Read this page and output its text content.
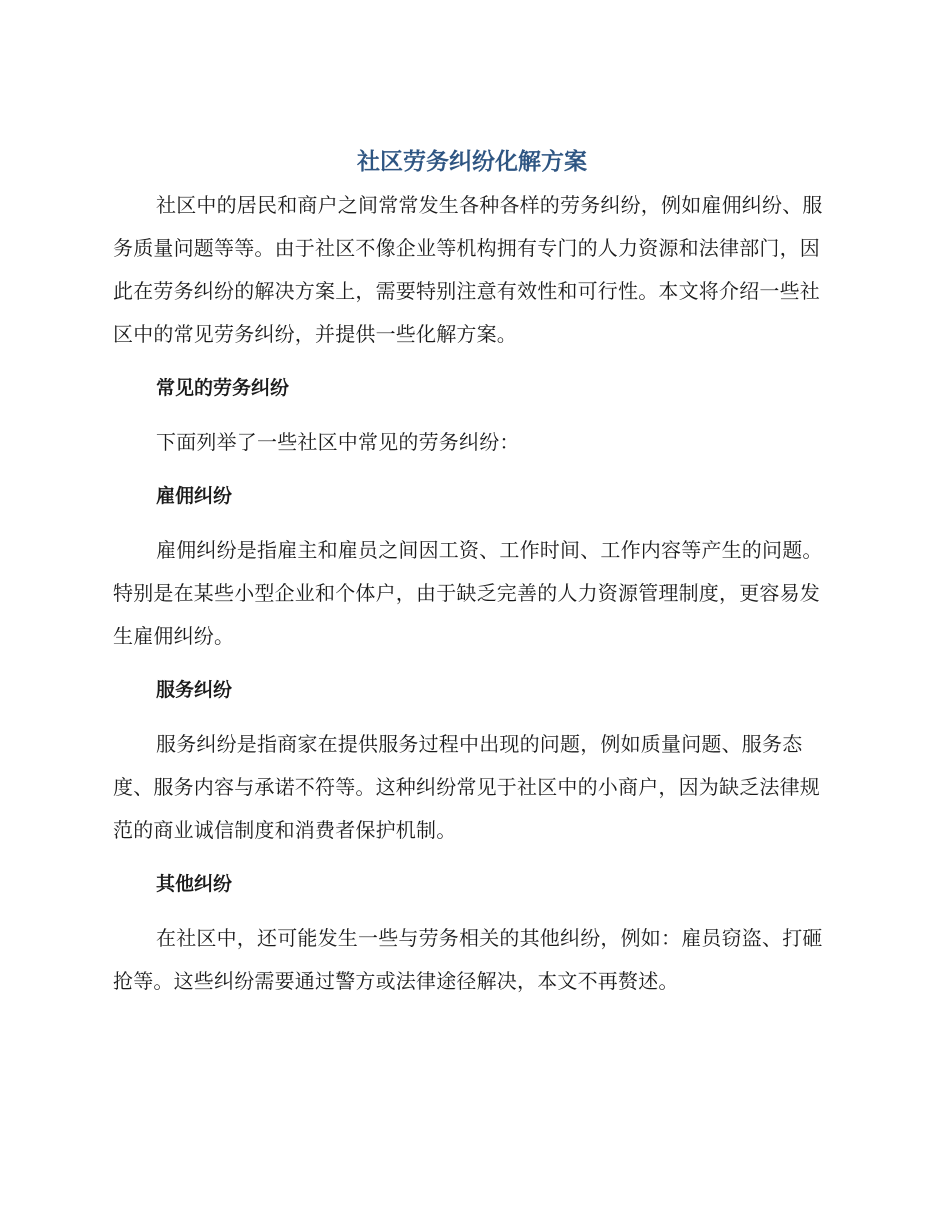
社区劳务纠纷化解方案

社区中的居民和商户之间常常发生各种各样的劳务纠纷，例如雇佣纠纷、服务质量问题等等。由于社区不像企业等机构拥有专门的人力资源和法律部门，因此在劳务纠纷的解决方案上，需要特别注意有效性和可行性。本文将介绍一些社区中的常见劳务纠纷，并提供一些化解方案。

常见的劳务纠纷

下面列举了一些社区中常见的劳务纠纷：

雇佣纠纷

雇佣纠纷是指雇主和雇员之间因工资、工作时间、工作内容等产生的问题。特别是在某些小型企业和个体户，由于缺乏完善的人力资源管理制度，更容易发生雇佣纠纷。

服务纠纷

服务纠纷是指商家在提供服务过程中出现的问题，例如质量问题、服务态度、服务内容与承诺不符等。这种纠纷常见于社区中的小商户，因为缺乏法律规范的商业诚信制度和消费者保护机制。

其他纠纷

在社区中，还可能发生一些与劳务相关的其他纠纷，例如：雇员窃盗、打砸抢等。这些纠纷需要通过警方或法律途径解决，本文不再赘述。
